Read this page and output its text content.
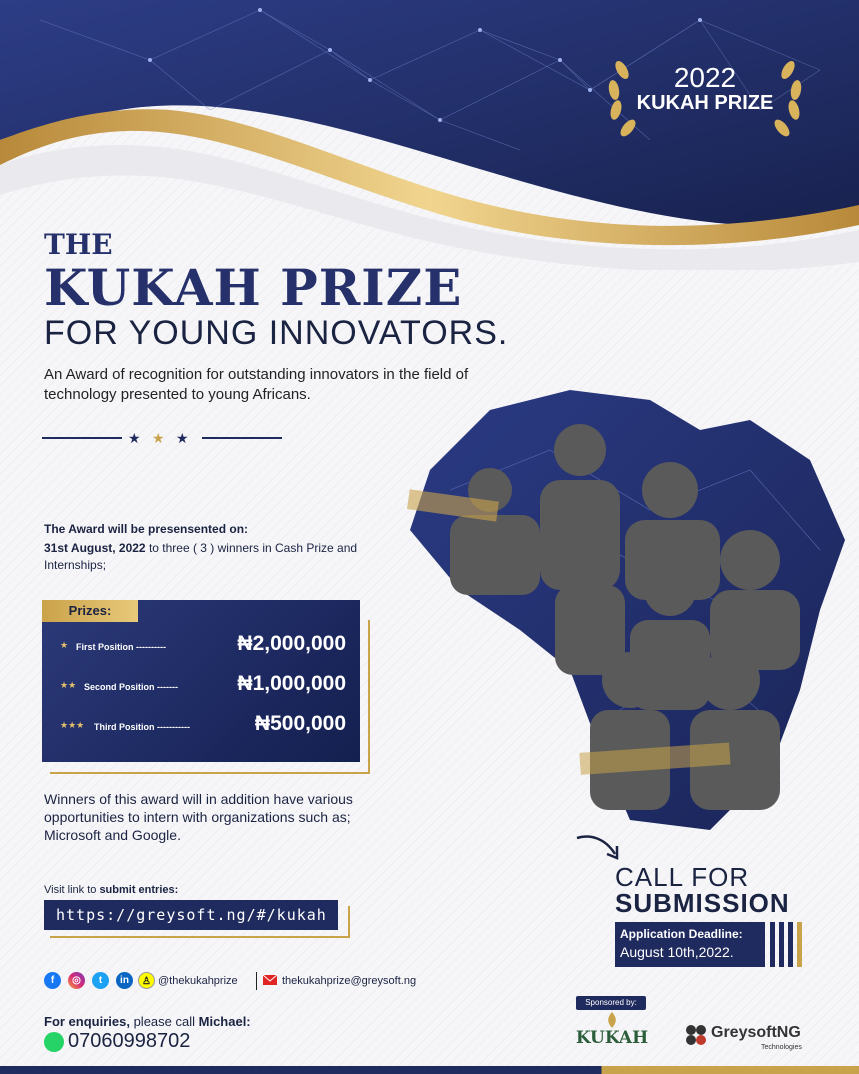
2022
KUKAH PRIZE
THE
KUKAH PRIZE
FOR YOUNG INNOVATORS.
An Award of recognition for outstanding innovators in the field of technology presented to young Africans.
★ ★ ★
The Award will be presensented on:
31st August, 2022 to three ( 3 ) winners in Cash Prize and Internships;
Prizes:
★ First Position ----------	₦2,000,000
★★ Second Position -------	₦1,000,000
★★★ Third Position -----------	₦500,000
Winners of this award will in addition have various opportunities to intern with organizations such as; Microsoft and Google.
Visit link to submit entries:
https://greysoft.ng/#/kukah
f	◎	t	in	♙ @thekukahprize	thekukahprize@greysoft.ng
For enquiries, please call Michael:
07060998702
CALL FOR
SUBMISSION
Application Deadline:
August 10th,2022.
Sponsored by:
KUKAH	GreysoftNG
Technologies
